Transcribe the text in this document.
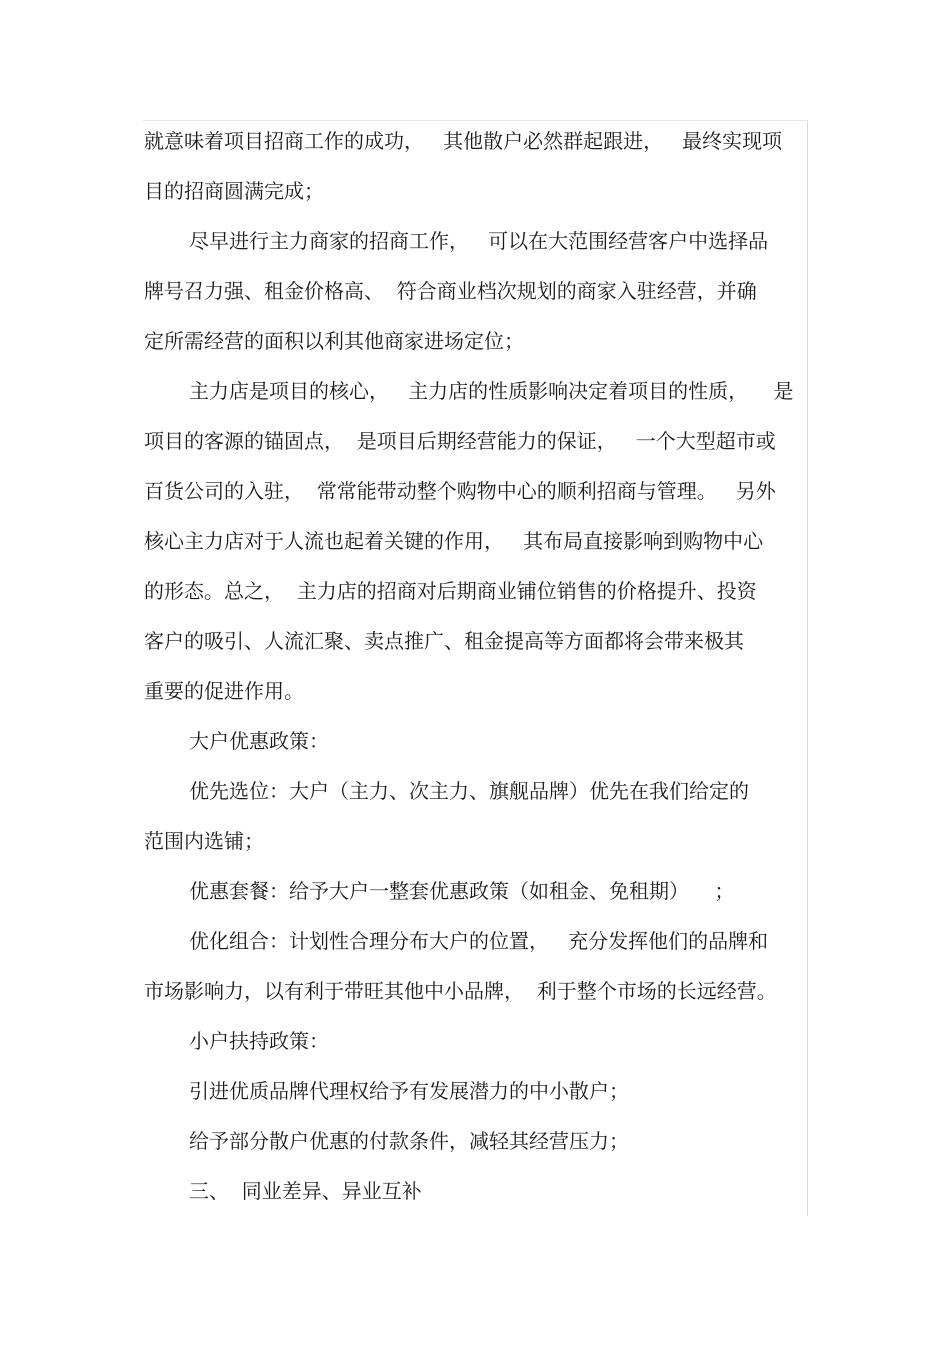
就意味着项目招商工作的成功，   其他散户必然群起跟进，   最终实现项
目的招商圆满完成；
尽早进行主力商家的招商工作，   可以在大范围经营客户中选择品
牌号召力强、租金价格高、  符合商业档次规划的商家入驻经营，并确
定所需经营的面积以利其他商家进场定位；
主力店是项目的核心，   主力店的性质影响决定着项目的性质，    是
项目的客源的锚固点，  是项目后期经营能力的保证，   一个大型超市或
百货公司的入驻，  常常能带动整个购物中心的顺利招商与管理。   另外
核心主力店对于人流也起着关键的作用，   其布局直接影响到购物中心
的形态。总之，  主力店的招商对后期商业铺位销售的价格提升、投资
客户的吸引、人流汇聚、卖点推广、租金提高等方面都将会带来极其
重要的促进作用。
大户优惠政策：
优先选位：大户（主力、次主力、旗舰品牌）优先在我们给定的
范围内选铺；
优惠套餐：给予大户一整套优惠政策（如租金、免租期）    ；
优化组合：计划性合理分布大户的位置，   充分发挥他们的品牌和
市场影响力，以有利于带旺其他中小品牌，  利于整个市场的长远经营。
小户扶持政策：
引进优质品牌代理权给予有发展潜力的中小散户；
给予部分散户优惠的付款条件，减轻其经营压力；
三、  同业差异、异业互补
